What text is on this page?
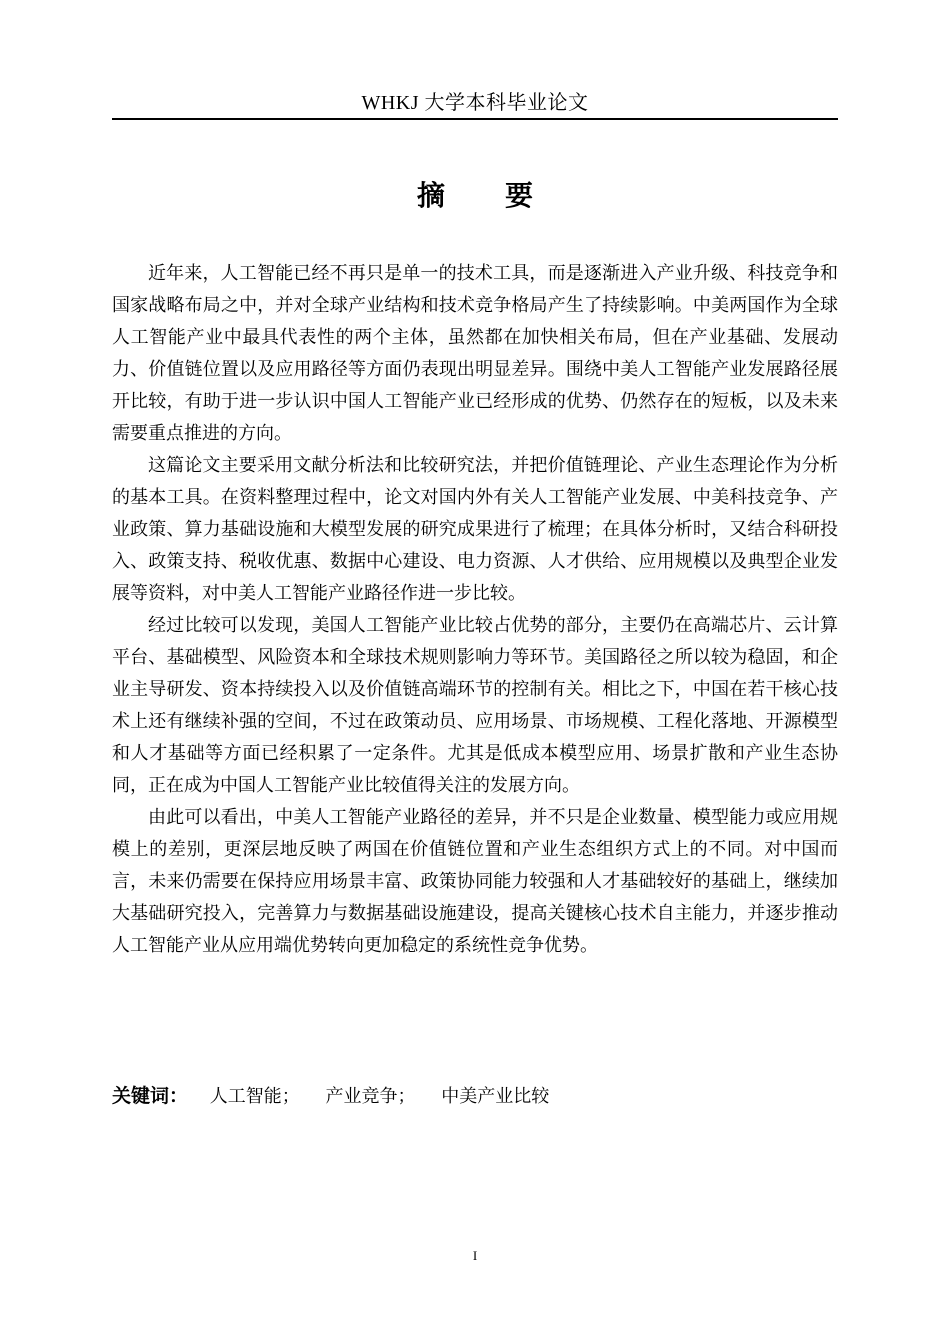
WHKJ 大学本科毕业论文
摘要

近年来，人工智能已经不再只是单一的技术工具，而是逐渐进入产业升级、科技竞争和国家战略布局之中，并对全球产业结构和技术竞争格局产生了持续影响。中美两国作为全球人工智能产业中最具代表性的两个主体，虽然都在加快相关布局，但在产业基础、发展动力、价值链位置以及应用路径等方面仍表现出明显差异。围绕中美人工智能产业发展路径展开比较，有助于进一步认识中国人工智能产业已经形成的优势、仍然存在的短板，以及未来需要重点推进的方向。

这篇论文主要采用文献分析法和比较研究法，并把价值链理论、产业生态理论作为分析的基本工具。在资料整理过程中，论文对国内外有关人工智能产业发展、中美科技竞争、产业政策、算力基础设施和大模型发展的研究成果进行了梳理；在具体分析时，又结合科研投入、政策支持、税收优惠、数据中心建设、电力资源、人才供给、应用规模以及典型企业发展等资料，对中美人工智能产业路径作进一步比较。

经过比较可以发现，美国人工智能产业比较占优势的部分，主要仍在高端芯片、云计算平台、基础模型、风险资本和全球技术规则影响力等环节。美国路径之所以较为稳固，和企业主导研发、资本持续投入以及价值链高端环节的控制有关。相比之下，中国在若干核心技术上还有继续补强的空间，不过在政策动员、应用场景、市场规模、工程化落地、开源模型和人才基础等方面已经积累了一定条件。尤其是低成本模型应用、场景扩散和产业生态协同，正在成为中国人工智能产业比较值得关注的发展方向。

由此可以看出，中美人工智能产业路径的差异，并不只是企业数量、模型能力或应用规模上的差别，更深层地反映了两国在价值链位置和产业生态组织方式上的不同。对中国而言，未来仍需要在保持应用场景丰富、政策协同能力较强和人才基础较好的基础上，继续加大基础研究投入，完善算力与数据基础设施建设，提高关键核心技术自主能力，并逐步推动人工智能产业从应用端优势转向更加稳定的系统性竞争优势。

关键词： 人工智能； 产业竞争； 中美产业比较
I
